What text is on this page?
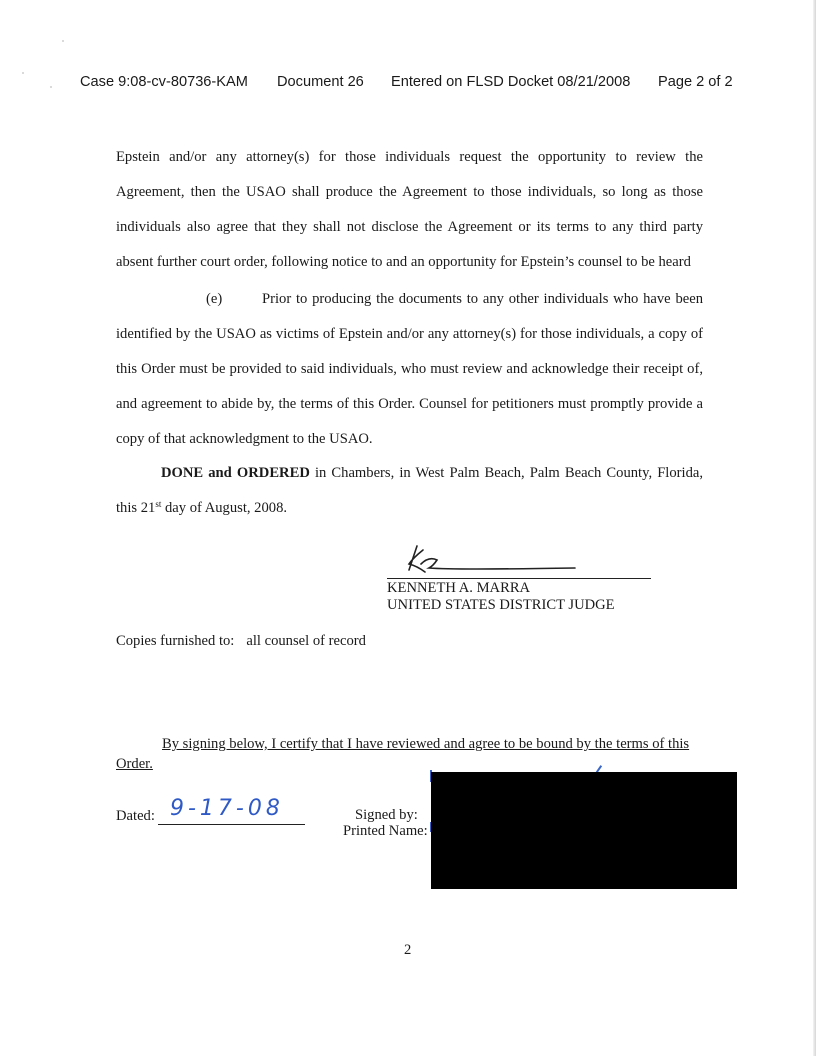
Case 9:08-cv-80736-KAM Document 26 Entered on FLSD Docket 08/21/2008 Page 2 of 2
Epstein and/or any attorney(s) for those individuals request the opportunity to review the Agreement, then the USAO shall produce the Agreement to those individuals, so long as those individuals also agree that they shall not disclose the Agreement or its terms to any third party absent further court order, following notice to and an opportunity for Epstein’s counsel to be heard
(e)	Prior to producing the documents to any other individuals who have been identified by the USAO as victims of Epstein and/or any attorney(s) for those individuals, a copy of this Order must be provided to said individuals, who must review and acknowledge their receipt of, and agreement to abide by, the terms of this Order. Counsel for petitioners must promptly provide a copy of that acknowledgment to the USAO.
DONE and ORDERED in Chambers, in West Palm Beach, Palm Beach County, Florida, this 21st day of August, 2008.
KENNETH A. MARRA
UNITED STATES DISTRICT JUDGE
Copies furnished to: all counsel of record
By signing below, I certify that I have reviewed and agree to be bound by the terms of this Order.
Dated: 9-17-08	Signed by:
Printed Name:
2
